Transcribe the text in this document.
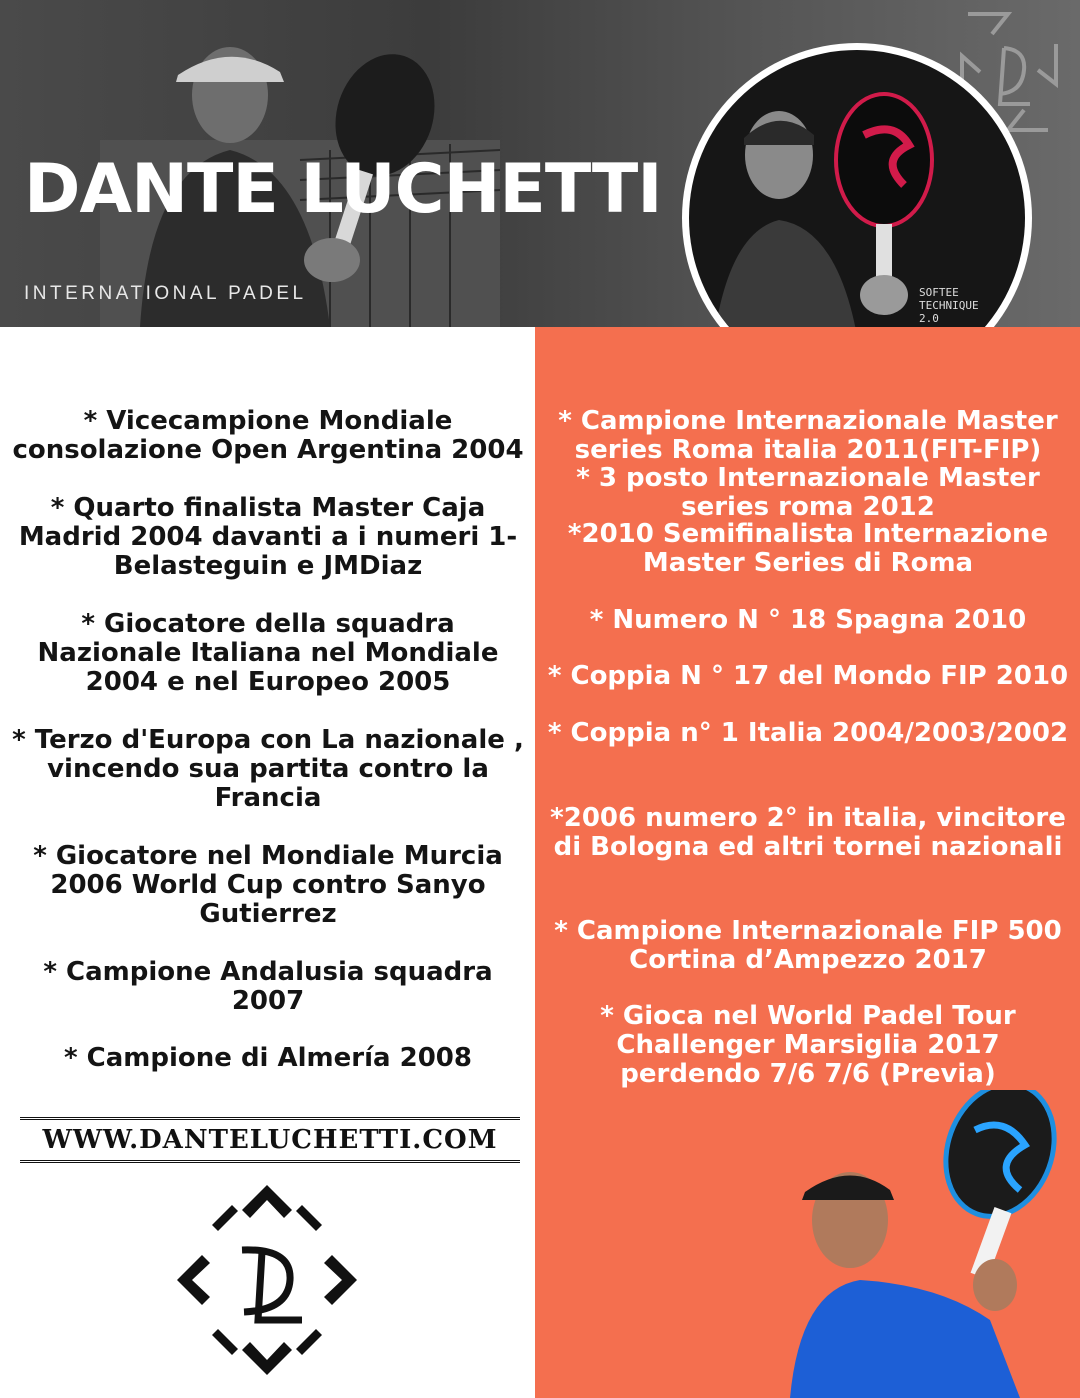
DANTE LUCHETTI
INTERNATIONAL PADEL	SOFTEE
TECHNIQUE
2.0

* Vicecampione Mondiale consolazione Open Argentina 2004

* Quarto finalista Master Caja Madrid 2004 davanti a i numeri 1- Belasteguin e JMDiaz

* Giocatore della squadra Nazionale Italiana nel Mondiale 2004 e nel Europeo 2005

* Terzo d'Europa con La nazionale , vincendo sua partita contro la Francia

* Giocatore nel Mondiale Murcia 2006 World Cup contro Sanyo Gutierrez

* Campione Andalusia squadra 2007

* Campione di Almería 2008

* Campione Internazionale Master series Roma italia 2011(FIT-FIP)

* 3 posto Internazionale Master series roma 2012

*2010 Semifinalista Internazione Master Series di Roma

* Numero N ° 18 Spagna 2010

* Coppia N ° 17 del Mondo FIP 2010

* Coppia n° 1 Italia 2004/2003/2002

*2006 numero 2° in italia, vincitore di Bologna ed altri tornei nazionali

* Campione Internazionale FIP 500 Cortina d’Ampezzo 2017

* Gioca nel World Padel Tour Challenger Marsiglia 2017 perdendo 7/6 7/6 (Previa)

WWW.DANTELUCHETTI.COM
